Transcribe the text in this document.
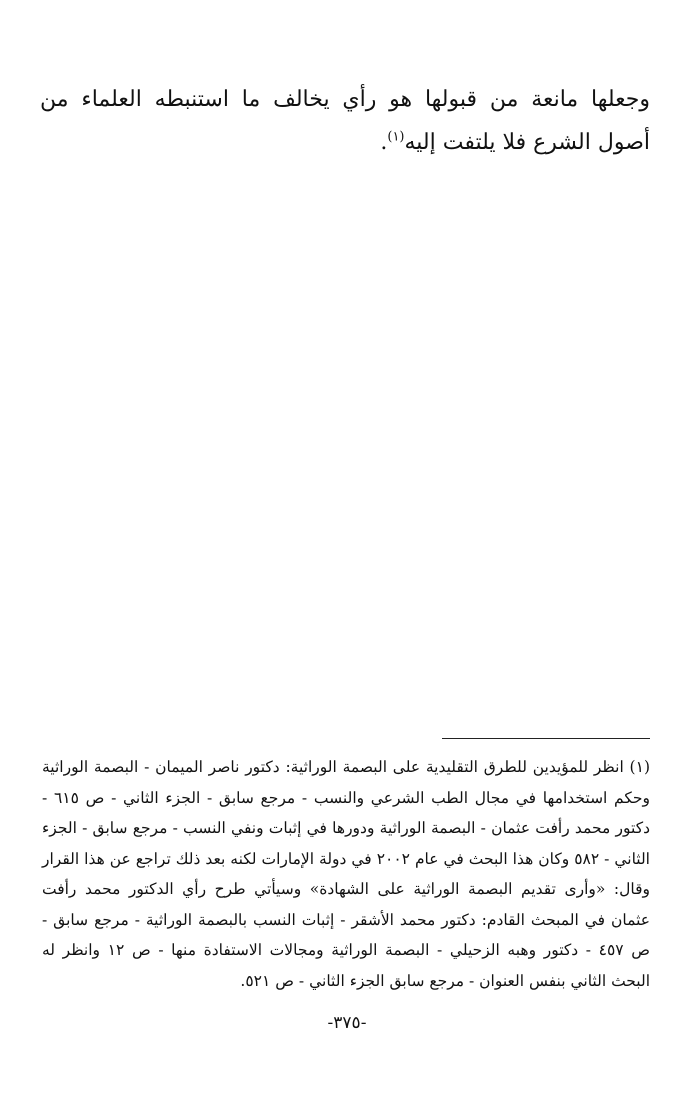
وجعلها مانعة من قبولها هو رأي يخالف ما استنبطه العلماء من أصول الشرع فلا يلتفت إليه$^{(١)}$.

(١) انظر للمؤيدين للطرق التقليدية على البصمة الوراثية: دكتور ناصر الميمان - البصمة الوراثية وحكم استخدامها في مجال الطب الشرعي والنسب - مرجع سابق - الجزء الثاني - ص ٦١٥ - دكتور محمد رأفت عثمان - البصمة الوراثية ودورها في إثبات ونفي النسب - مرجع سابق - الجزء الثاني - ٥٨٢ وكان هذا البحث في عام ٢٠٠٢ في دولة الإمارات لكنه بعد ذلك تراجع عن هذا القرار وقال: «وأرى تقديم البصمة الوراثية على الشهادة» وسيأتي طرح رأي الدكتور محمد رأفت عثمان في المبحث القادم: دكتور محمد الأشقر - إثبات النسب بالبصمة الوراثية - مرجع سابق - ص ٤٥٧ - دكتور وهبه الزحيلي - البصمة الوراثية ومجالات الاستفادة منها - ص ١٢ وانظر له البحث الثاني بنفس العنوان - مرجع سابق الجزء الثاني - ص ٥٢١.

-٣٧٥-
